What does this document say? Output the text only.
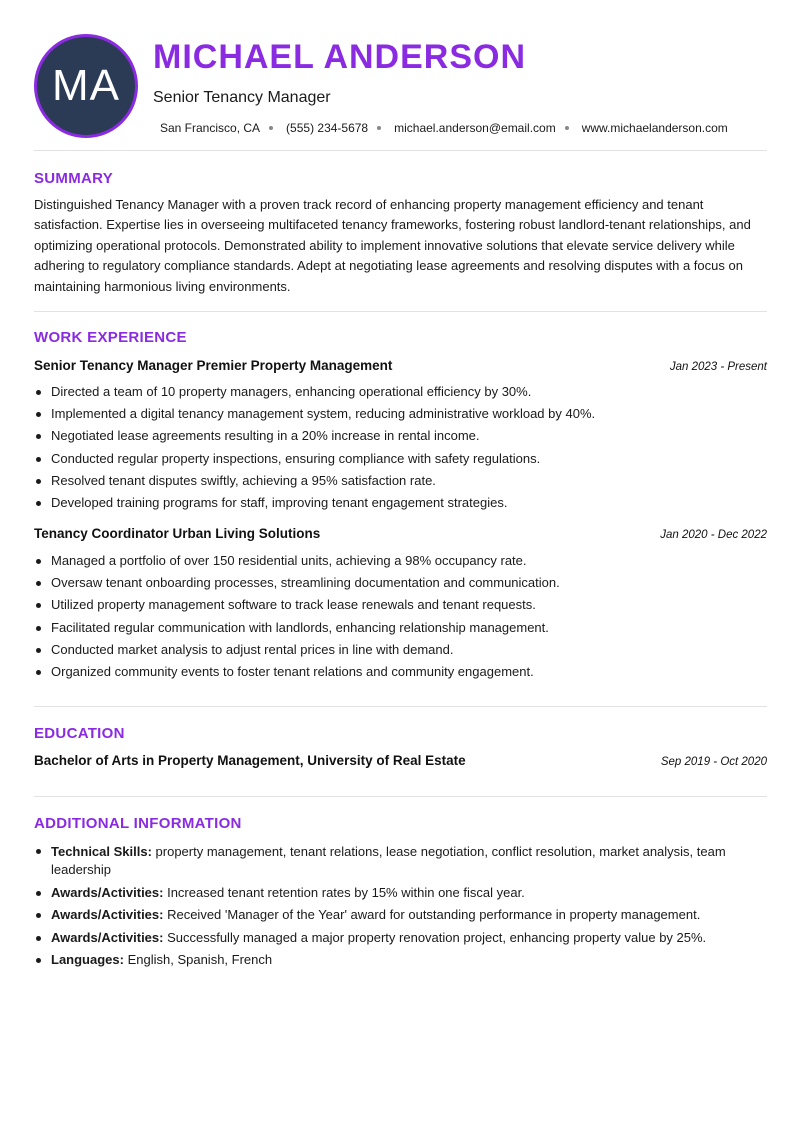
MA
MICHAEL ANDERSON
Senior Tenancy Manager
San Francisco, CA (555) 234-5678 michael.anderson@email.com www.michaelanderson.com
SUMMARY
Distinguished Tenancy Manager with a proven track record of enhancing property management efficiency and tenant satisfaction. Expertise lies in overseeing multifaceted tenancy frameworks, fostering robust landlord-tenant relationships, and optimizing operational protocols. Demonstrated ability to implement innovative solutions that elevate service delivery while adhering to regulatory compliance standards. Adept at negotiating lease agreements and resolving disputes with a focus on maintaining harmonious living environments.
WORK EXPERIENCE
Senior Tenancy Manager Premier Property Management	Jan 2023 - Present
Directed a team of 10 property managers, enhancing operational efficiency by 30%.
Implemented a digital tenancy management system, reducing administrative workload by 40%.
Negotiated lease agreements resulting in a 20% increase in rental income.
Conducted regular property inspections, ensuring compliance with safety regulations.
Resolved tenant disputes swiftly, achieving a 95% satisfaction rate.
Developed training programs for staff, improving tenant engagement strategies.
Tenancy Coordinator Urban Living Solutions	Jan 2020 - Dec 2022
Managed a portfolio of over 150 residential units, achieving a 98% occupancy rate.
Oversaw tenant onboarding processes, streamlining documentation and communication.
Utilized property management software to track lease renewals and tenant requests.
Facilitated regular communication with landlords, enhancing relationship management.
Conducted market analysis to adjust rental prices in line with demand.
Organized community events to foster tenant relations and community engagement.
EDUCATION
Bachelor of Arts in Property Management, University of Real Estate	Sep 2019 - Oct 2020
ADDITIONAL INFORMATION
Technical Skills: property management, tenant relations, lease negotiation, conflict resolution, market analysis, team leadership
Awards/Activities: Increased tenant retention rates by 15% within one fiscal year.
Awards/Activities: Received 'Manager of the Year' award for outstanding performance in property management.
Awards/Activities: Successfully managed a major property renovation project, enhancing property value by 25%.
Languages: English, Spanish, French
